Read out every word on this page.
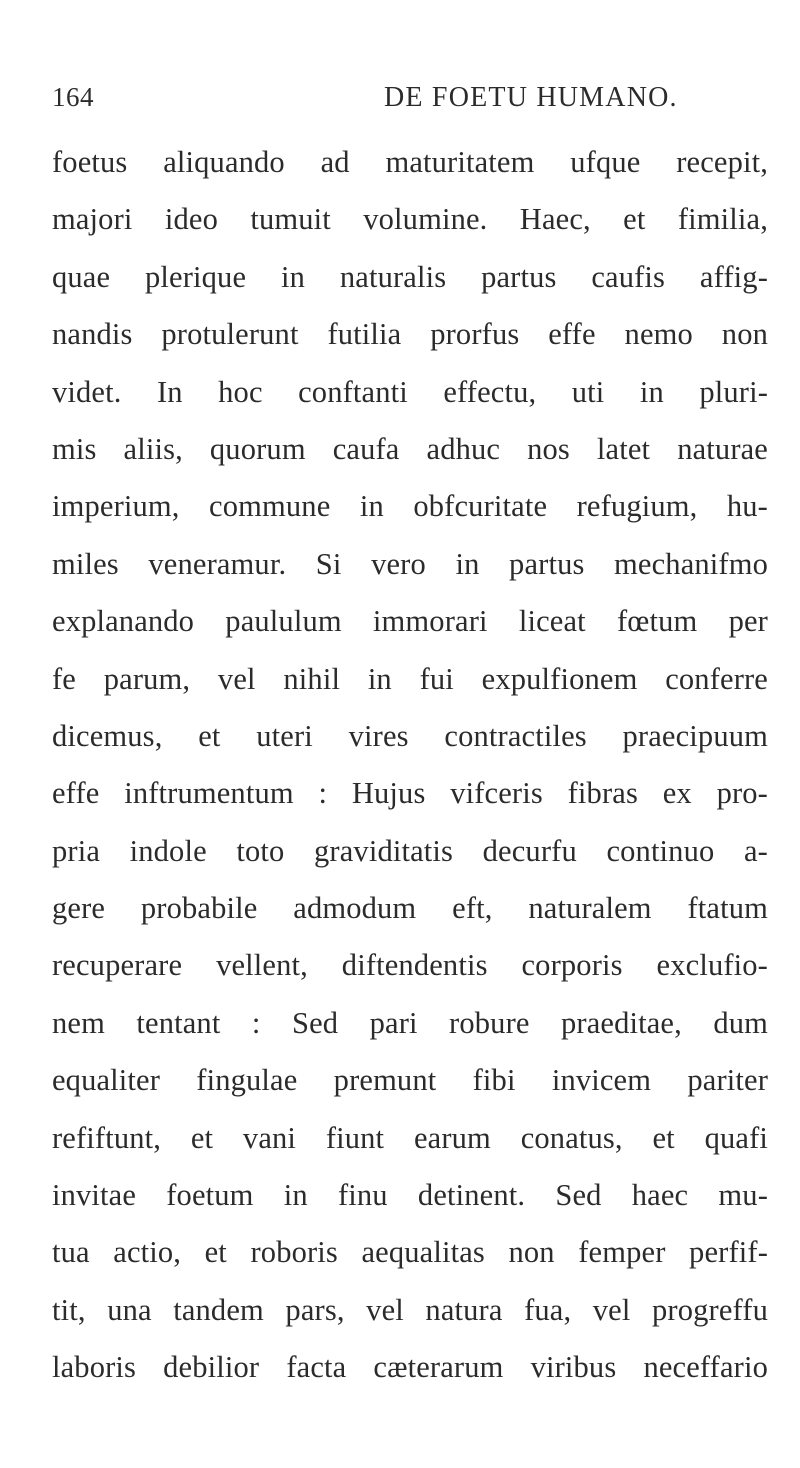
164	DE FOETU HUMANO.
foetus aliquando ad maturitatem ufque recepit,
majori ideo tumuit volumine. Haec, et fimilia,
quae plerique in naturalis partus caufis affig-
nandis protulerunt futilia prorfus effe nemo non
videt. In hoc conftanti effectu, uti in pluri-
mis aliis, quorum caufa adhuc nos latet naturae
imperium, commune in obfcuritate refugium, hu-
miles veneramur. Si vero in partus mechanifmo
explanando paululum immorari liceat fœtum per
fe parum, vel nihil in fui expulfionem conferre
dicemus, et uteri vires contractiles praecipuum
effe inftrumentum : Hujus vifceris fibras ex pro-
pria indole toto graviditatis decurfu continuo a-
gere probabile admodum eft, naturalem ftatum
recuperare vellent, diftendentis corporis exclufio-
nem tentant : Sed pari robure praeditae, dum
equaliter fingulae premunt fibi invicem pariter
refiftunt, et vani fiunt earum conatus, et quafi
invitae foetum in finu detinent. Sed haec mu-
tua actio, et roboris aequalitas non femper perfif-
tit, una tandem pars, vel natura fua, vel progreffu
laboris debilior facta cæterarum viribus neceffario
